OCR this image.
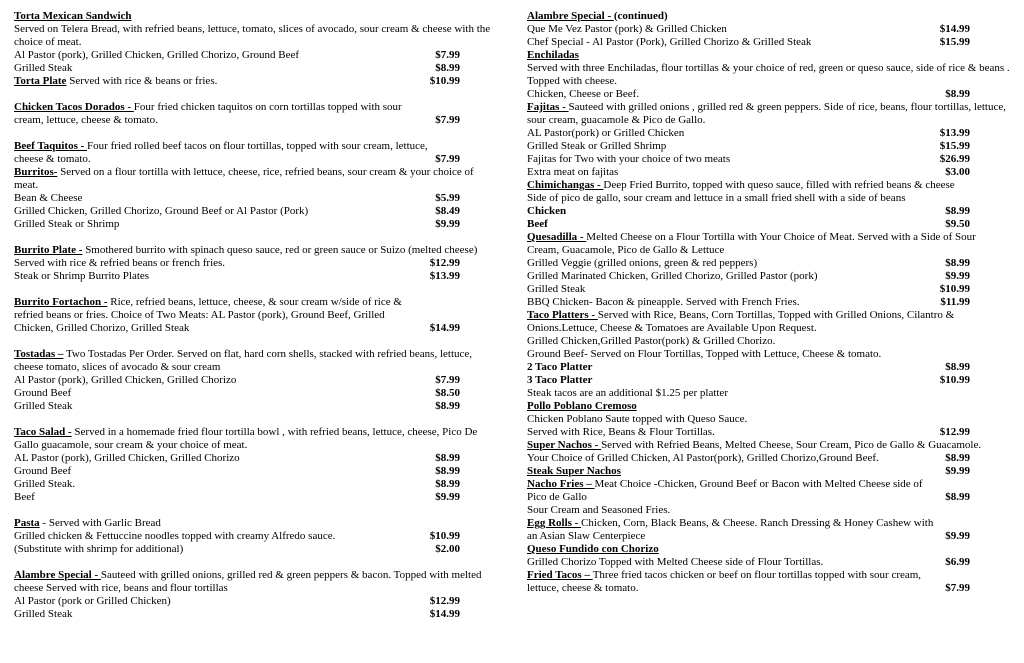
Torta Mexican Sandwich
Served on Telera Bread, with refried beans, lettuce, tomato, slices of avocado, sour cream & cheese with the choice of meat.
Al Pastor (pork), Grilled Chicken, Grilled Chorizo, Ground Beef	$7.99
Grilled Steak	$8.99
Torta Plate Served with rice & beans or fries.	$10.99
Chicken Tacos Dorados - Four fried chicken taquitos on corn tortillas topped with sour cream, lettuce, cheese & tomato.	$7.99
Beef Taquitos - Four fried rolled beef tacos on flour tortillas, topped with sour cream, lettuce, cheese & tomato.	$7.99
Burritos- Served on a flour tortilla with lettuce, cheese, rice, refried beans, sour cream & your choice of meat.
Bean & Cheese	$5.99
Grilled Chicken, Grilled Chorizo, Ground Beef or Al Pastor (Pork)	$8.49
Grilled Steak or Shrimp	$9.99
Burrito Plate - Smothered burrito with spinach queso sauce, red or green sauce or Suizo (melted cheese)
Served with rice & refried beans or french fries.	$12.99
Steak or Shrimp Burrito Plates	$13.99
Burrito Fortachon - Rice, refried beans, lettuce, cheese, & sour cream w/side of rice & refried beans or fries. Choice of Two Meats: AL Pastor (pork), Ground Beef, Grilled Chicken, Grilled Chorizo, Grilled Steak	$14.99
Tostadas – Two Tostadas Per Order. Served on flat, hard corn shells, stacked with refried beans, lettuce, cheese tomato, slices of avocado & sour cream
Al Pastor (pork), Grilled Chicken, Grilled Chorizo	$7.99
Ground Beef	$8.50
Grilled Steak	$8.99
Taco Salad - Served in a homemade fried flour tortilla bowl , with refried beans, lettuce, cheese, Pico De Gallo guacamole, sour cream & your choice of meat.
AL Pastor (pork), Grilled Chicken, Grilled Chorizo	$8.99
Ground Beef	$8.99
Grilled Steak.	$8.99
Beef	$9.99
Pasta - Served with Garlic Bread
Grilled chicken & Fettuccine noodles topped with creamy Alfredo sauce.	$10.99
(Substitute with shrimp for additional)	$2.00
Alambre Special - Sauteed with grilled onions, grilled red & green peppers & bacon. Topped with melted cheese Served with rice, beans and flour tortillas
Al Pastor (pork or Grilled Chicken)	$12.99
Grilled Steak	$14.99
Alambre Special - (continued)
Que Me Vez Pastor (pork) & Grilled Chicken	$14.99
Chef Special - Al Pastor (Pork), Grilled Chorizo & Grilled Steak	$15.99
Enchiladas
Served with three Enchiladas, flour tortillas & your choice of red, green or queso sauce, side of rice & beans . Topped with cheese.
Chicken, Cheese or Beef.	$8.99
Fajitas - Sauteed with grilled onions , grilled red & green peppers. Side of rice, beans, flour tortillas, lettuce, sour cream, guacamole & Pico de Gallo.
AL Pastor(pork) or Grilled Chicken	$13.99
Grilled Steak or Grilled Shrimp	$15.99
Fajitas for Two with your choice of two meats	$26.99
Extra meat on fajitas	$3.00
Chimichangas - Deep Fried Burrito, topped with queso sauce, filled with refried beans & cheese
Side of pico de gallo, sour cream and lettuce in a small fried shell with a side of beans
Chicken	$8.99
Beef	$9.50
Quesadilla - Melted Cheese on a Flour Tortilla with Your Choice of Meat. Served with a Side of Sour Cream, Guacamole, Pico de Gallo & Lettuce
Grilled Veggie (grilled onions, green & red peppers)	$8.99
Grilled Marinated Chicken, Grilled Chorizo, Grilled Pastor (pork)	$9.99
Grilled Steak	$10.99
BBQ Chicken- Bacon & pineapple. Served with French Fries.	$11.99
Taco Platters - Served with Rice, Beans, Corn Tortillas, Topped with Grilled Onions, Cilantro & Onions.Lettuce, Cheese & Tomatoes are Available Upon Request.
Grilled Chicken,Grilled Pastor(pork) & Grilled Chorizo.
Ground Beef- Served on Flour Tortillas, Topped with Lettuce, Cheese & tomato.
2 Taco Platter	$8.99
3 Taco Platter	$10.99
Steak tacos are an additional $1.25 per platter
Pollo Poblano Cremoso
Chicken Poblano Saute topped with Queso Sauce.
Served with Rice, Beans & Flour Tortillas.	$12.99
Super Nachos - Served with Refried Beans, Melted Cheese, Sour Cream, Pico de Gallo & Guacamole.
Your Choice of Grilled Chicken, Al Pastor(pork), Grilled Chorizo,Ground Beef.	$8.99
Steak Super Nachos	$9.99
Nacho Fries – Meat Choice -Chicken, Ground Beef or Bacon with Melted Cheese side of Pico de Gallo	$8.99
Sour Cream and Seasoned Fries.
Egg Rolls - Chicken, Corn, Black Beans, & Cheese. Ranch Dressing & Honey Cashew with an Asian Slaw Centerpiece	$9.99
Queso Fundido con Chorizo
Grilled Chorizo Topped with Melted Cheese side of Flour Tortillas.	$6.99
Fried Tacos – Three fried tacos chicken or beef on flour tortillas topped with sour cream, lettuce, cheese & tomato.	$7.99
